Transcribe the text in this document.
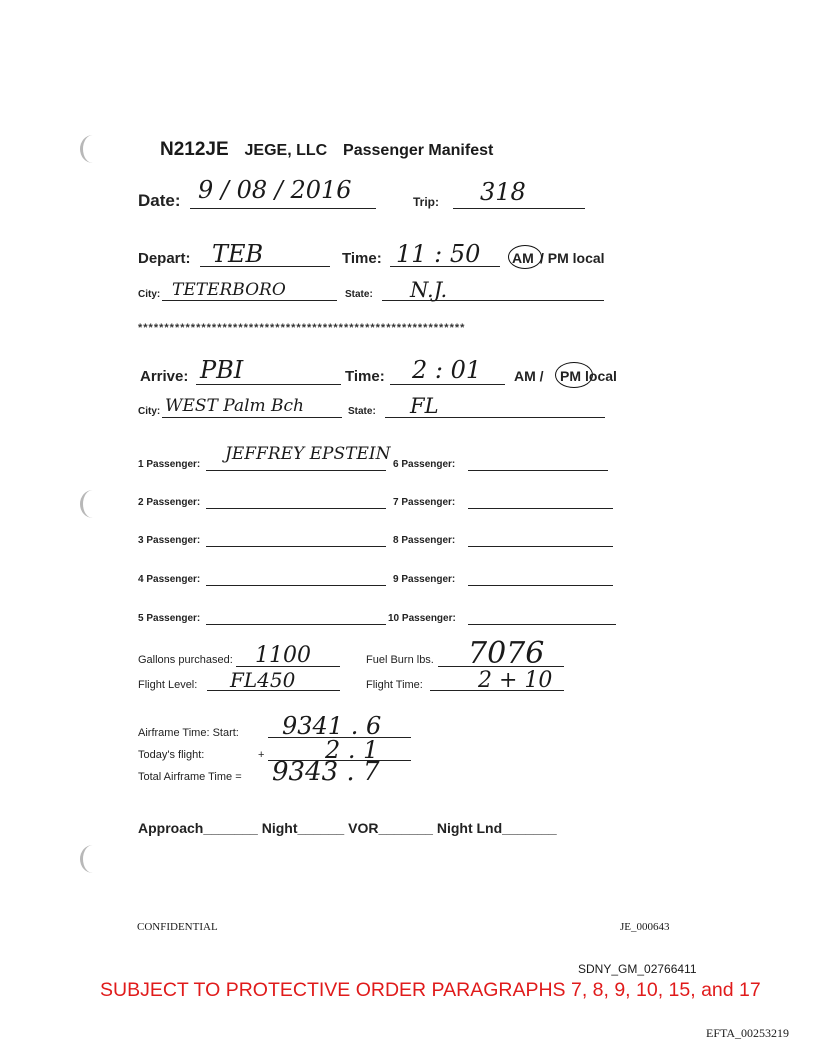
N212JE JEGE, LLC Passenger Manifest
Date: 9 / 08 / 2016	Trip: 318
Depart: TEB	Time: 11 : 50 AM / PM local
City: TETERBORO	State: N.J.
**************************************************************
Arrive: PBI	Time: 2 : 01 AM / PM local
City: WEST Palm Bch	State: FL
1 Passenger:
JEFFREY EPSTEIN
2 Passenger:
3 Passenger:
4 Passenger:
5 Passenger:
6 Passenger:
7 Passenger:
8 Passenger:
9 Passenger:
10 Passenger:
Gallons purchased: 1100	Fuel Burn lbs. 7076
Flight Level: FL450	Flight Time:	2 + 10
Airframe Time: Start: 9341 . 6
Today's flight:	+	2 . 1
Total Airframe Time = 9343 . 7
Approach_______ Night______ VOR_______ Night Lnd_______
CONFIDENTIAL	JE_000643
SDNY_GM_02766411
SUBJECT TO PROTECTIVE ORDER PARAGRAPHS 7, 8, 9, 10, 15, and 17
EFTA_00253219
